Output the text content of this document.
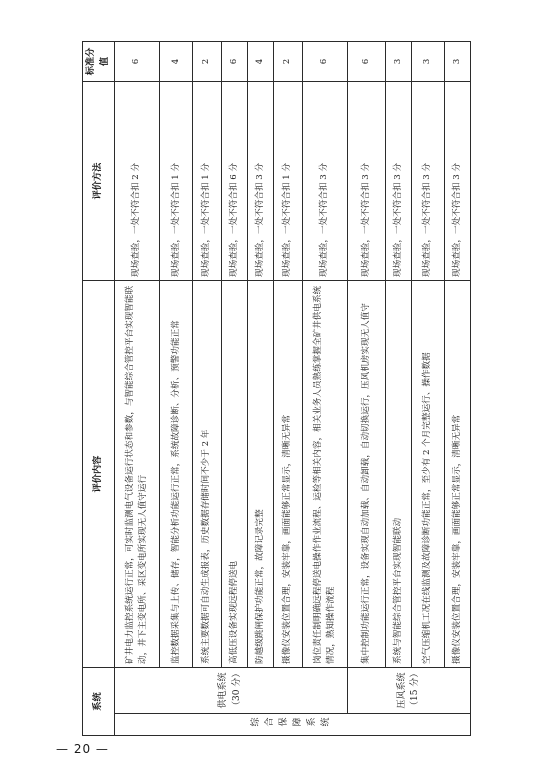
系统		评价内容	评价方法	标准分值
综合保障系统	供电系统 （30 分）	矿井电力监控系统运行正常，可实时监测电气设备运行状态和参数，与智能综合管控平台实现智能联动，井下主变电所、采区变电所实现无人值守运行	现场查验，一处不符合扣 2 分	6
		监控数据采集与上传、储存，智能分析功能运行正常，系统故障诊断、分析、预警功能正常	现场查验，一处不符合扣 1 分	4
		系统主要数据可自动生成报表，历史数据存储时间不少于 2 年	现场查验，一处不符合扣 1 分	2
		高低压设备实现远程停送电	现场查验，一处不符合扣 6 分	6
		防越级跳闸保护功能正常，故障记录完整	现场查验，一处不符合扣 3 分	4
		摄像仪安装位置合理，安装牢靠，画面能够正常显示，清晰无异常	现场查验，一处不符合扣 1 分	2
		岗位责任制明确远程停送电操作作业流程、运检等相关内容，相关业务人员熟练掌握全矿井供电系统情况，熟知操作流程	现场查验，一处不符合扣 3 分	6

	压风系统 （15 分）	集中控制功能运行正常，设备实现自动加载、自动卸载，自动切换运行，压风机房实现无人值守	现场查验，一处不符合扣 3 分	6
		系统与智能综合管控平台实现智能联动	现场查验，一处不符合扣 3 分	3
		空气压缩机工况在线监测及故障诊断功能正常，至少有 2 个月完整运行、操作数据	现场查验，一处不符合扣 3 分	3
		摄像仪安装位置合理，安装牢靠，画面能够正常显示，清晰无异常	现场查验，一处不符合扣 3 分	3
— 20 —
